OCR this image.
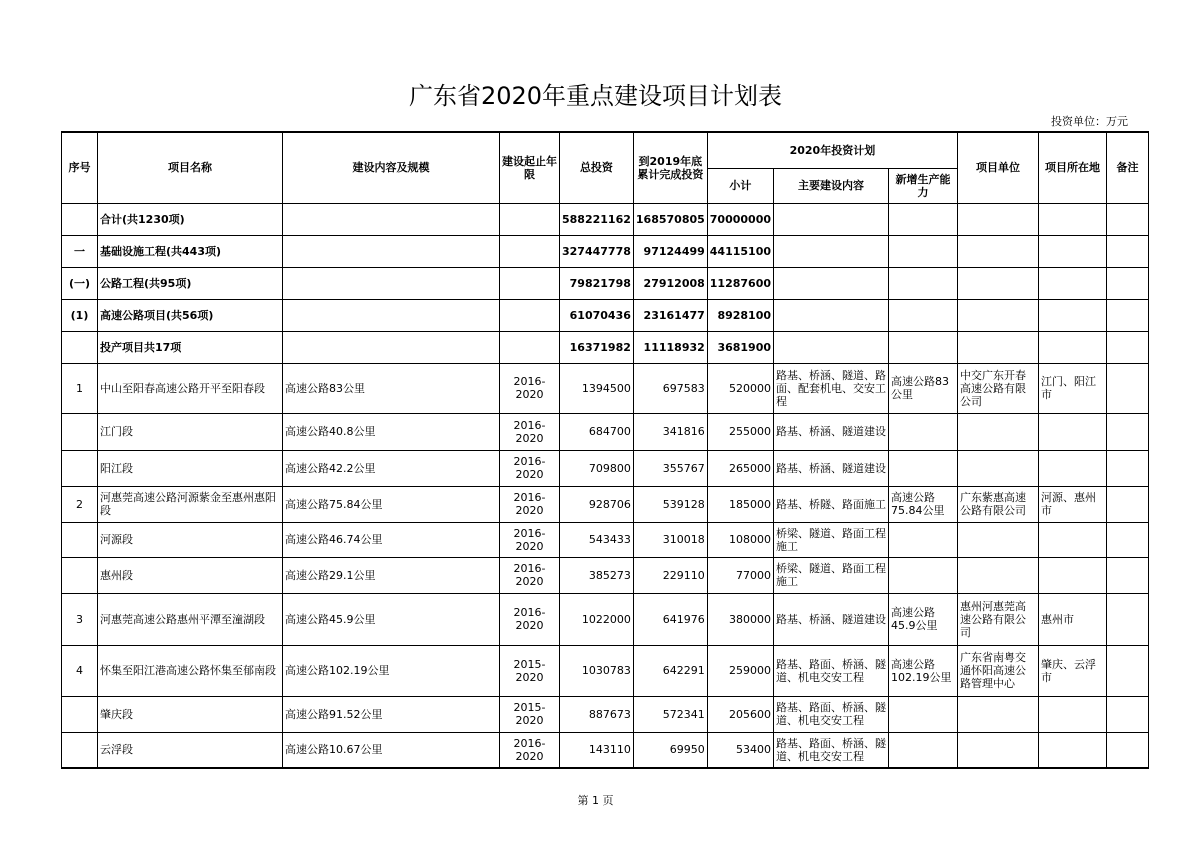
广东省2020年重点建设项目计划表
投资单位：万元
序号	项目名称	建设内容及规模	建设起止年限	总投资	到2019年底累计完成投资	2020年投资计划			项目单位	项目所在地	备注
						小计	主要建设内容	新增生产能力			
	合计(共1230项)			588221162	168570805	70000000					
一	基础设施工程(共443项)			327447778	97124499	44115100					
(一)	公路工程(共95项)			79821798	27912008	11287600					
(1)	高速公路项目(共56项)			61070436	23161477	8928100					
	投产项目共17项			16371982	11118932	3681900					
1	中山至阳春高速公路开平至阳春段	高速公路83公里	2016-2020	1394500	697583	520000	路基、桥涵、隧道、路面、配套机电、交安工程	高速公路83公里	中交广东开春高速公路有限公司	江门、阳江市	
	江门段	高速公路40.8公里	2016-2020	684700	341816	255000	路基、桥涵、隧道建设				
	阳江段	高速公路42.2公里	2016-2020	709800	355767	265000	路基、桥涵、隧道建设				
2	河惠莞高速公路河源紫金至惠州惠阳段	高速公路75.84公里	2016-2020	928706	539128	185000	路基、桥隧、路面施工	高速公路75.84公里	广东紫惠高速公路有限公司	河源、惠州市	
	河源段	高速公路46.74公里	2016-2020	543433	310018	108000	桥梁、隧道、路面工程施工				
	惠州段	高速公路29.1公里	2016-2020	385273	229110	77000	桥梁、隧道、路面工程施工				
3	河惠莞高速公路惠州平潭至潼湖段	高速公路45.9公里	2016-2020	1022000	641976	380000	路基、桥涵、隧道建设	高速公路45.9公里	惠州河惠莞高速公路有限公司	惠州市	
4	怀集至阳江港高速公路怀集至郁南段	高速公路102.19公里	2015-2020	1030783	642291	259000	路基、路面、桥涵、隧道、机电交安工程	高速公路102.19公里	广东省南粤交通怀阳高速公路管理中心	肇庆、云浮市	
	肇庆段	高速公路91.52公里	2015-2020	887673	572341	205600	路基、路面、桥涵、隧道、机电交安工程				
	云浮段	高速公路10.67公里	2016-2020	143110	69950	53400	路基、路面、桥涵、隧道、机电交安工程				
第 1 页
